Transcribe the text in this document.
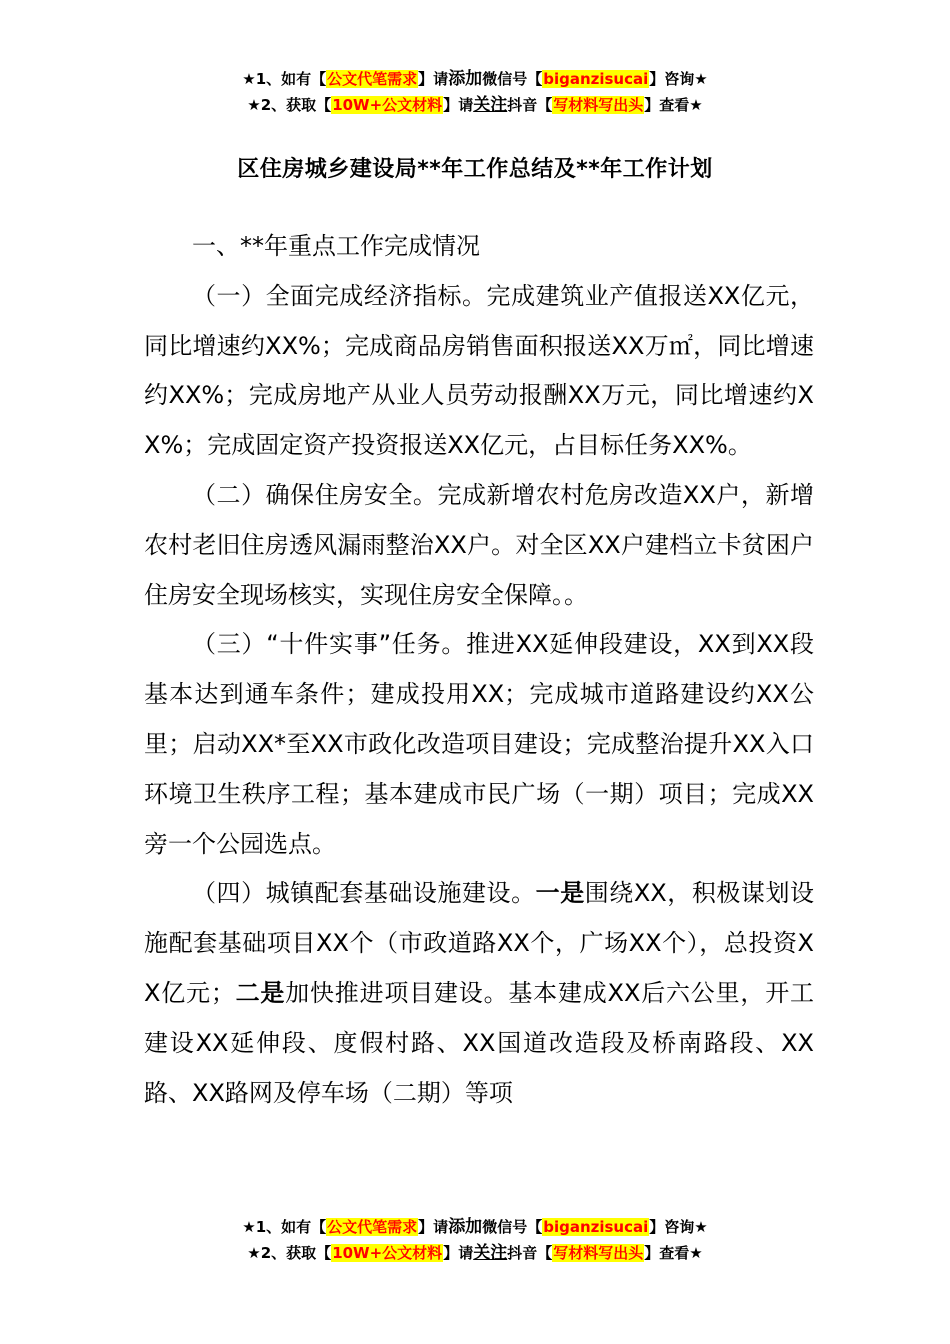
★1、如有【公文代笔需求】请添加微信号【biganzisucai】咨询★
★2、获取【10W+公文材料】请关注抖音【写材料写出头】查看★
区住房城乡建设局**年工作总结及**年工作计划

一、**年重点工作完成情况

（一）全面完成经济指标。完成建筑业产值报送XX亿元，同比增速约XX%；完成商品房销售面积报送XX万㎡，同比增速约XX%；完成房地产从业人员劳动报酬XX万元，同比增速约XX%；完成固定资产投资报送XX亿元，占目标任务XX%。

（二）确保住房安全。完成新增农村危房改造XX户，新增农村老旧住房透风漏雨整治XX户。对全区XX户建档立卡贫困户住房安全现场核实，实现住房安全保障。。

（三）“十件实事”任务。推进XX延伸段建设，XX到XX段基本达到通车条件；建成投用XX；完成城市道路建设约XX公里；启动XX*至XX市政化改造项目建设；完成整治提升XX入口环境卫生秩序工程；基本建成市民广场（一期）项目；完成XX旁一个公园选点。

（四）城镇配套基础设施建设。一是围绕XX，积极谋划设施配套基础项目XX个（市政道路XX个，广场XX个），总投资XX亿元；二是加快推进项目建设。基本建成XX后六公里，开工建设XX延伸段、度假村路、XX国道改造段及桥南路段、XX路、XX路网及停车场（二期）等项

★1、如有【公文代笔需求】请添加微信号【biganzisucai】咨询★
★2、获取【10W+公文材料】请关注抖音【写材料写出头】查看★
